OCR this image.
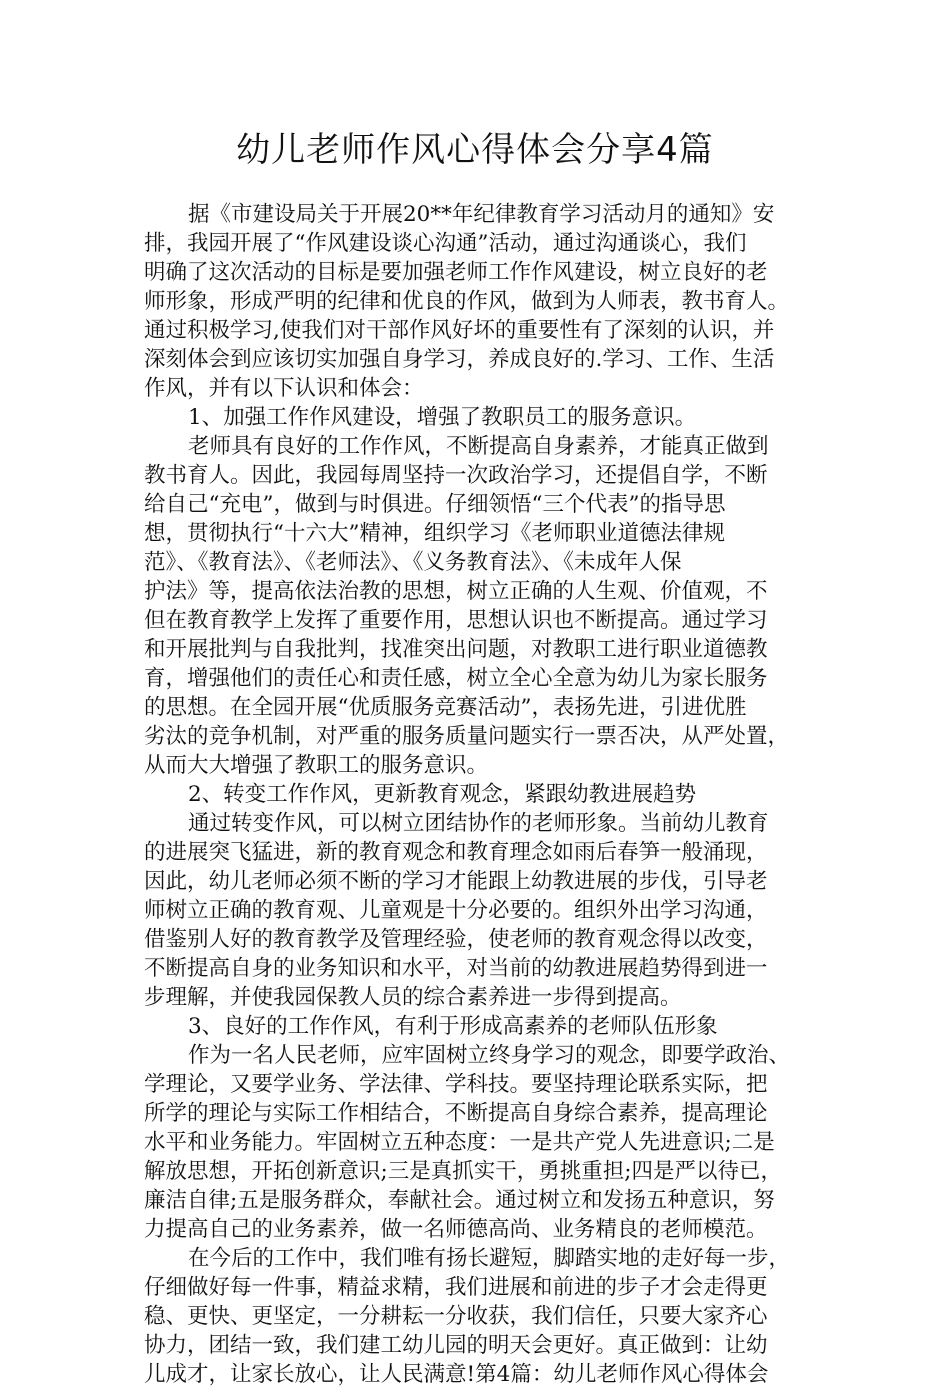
幼儿老师作风心得体会分享4篇

据《市建设局关于开展20**年纪律教育学习活动月的通知》安

排，我园开展了“作风建设谈心沟通”活动，通过沟通谈心，我们

明确了这次活动的目标是要加强老师工作作风建设，树立良好的老

师形象，形成严明的纪律和优良的作风，做到为人师表，教书育人。

通过积极学习,使我们对干部作风好坏的重要性有了深刻的认识，并

深刻体会到应该切实加强自身学习，养成良好的.学习、工作、生活

作风，并有以下认识和体会：

1、加强工作作风建设，增强了教职员工的服务意识。

老师具有良好的工作作风，不断提高自身素养，才能真正做到

教书育人。因此，我园每周坚持一次政治学习，还提倡自学，不断

给自己“充电”，做到与时俱进。仔细领悟“三个代表”的指导思

想，贯彻执行“十六大”精神，组织学习《老师职业道德法律规

范》、《教育法》、《老师法》、《义务教育法》、《未成年人保

护法》等，提高依法治教的思想，树立正确的人生观、价值观，不

但在教育教学上发挥了重要作用，思想认识也不断提高。通过学习

和开展批判与自我批判，找准突出问题，对教职工进行职业道德教

育，增强他们的责任心和责任感，树立全心全意为幼儿为家长服务

的思想。在全园开展“优质服务竞赛活动”，表扬先进，引进优胜

劣汰的竞争机制，对严重的服务质量问题实行一票否决，从严处置，

从而大大增强了教职工的服务意识。

2、转变工作作风，更新教育观念，紧跟幼教进展趋势

通过转变作风，可以树立团结协作的老师形象。当前幼儿教育

的进展突飞猛进，新的教育观念和教育理念如雨后春笋一般涌现，

因此，幼儿老师必须不断的学习才能跟上幼教进展的步伐，引导老

师树立正确的教育观、儿童观是十分必要的。组织外出学习沟通，

借鉴别人好的教育教学及管理经验，使老师的教育观念得以改变，

不断提高自身的业务知识和水平，对当前的幼教进展趋势得到进一

步理解，并使我园保教人员的综合素养进一步得到提高。

3、良好的工作作风，有利于形成高素养的老师队伍形象

作为一名人民老师，应牢固树立终身学习的观念，即要学政治、

学理论，又要学业务、学法律、学科技。要坚持理论联系实际，把

所学的理论与实际工作相结合，不断提高自身综合素养，提高理论

水平和业务能力。牢固树立五种态度：一是共产党人先进意识;二是

解放思想，开拓创新意识;三是真抓实干，勇挑重担;四是严以待已，

廉洁自律;五是服务群众，奉献社会。通过树立和发扬五种意识，努

力提高自己的业务素养，做一名师德高尚、业务精良的老师模范。

在今后的工作中，我们唯有扬长避短，脚踏实地的走好每一步，

仔细做好每一件事，精益求精，我们进展和前进的步子才会走得更

稳、更快、更坚定，一分耕耘一分收获，我们信任，只要大家齐心

协力，团结一致，我们建工幼儿园的明天会更好。真正做到：让幼

儿成才，让家长放心，让人民满意!第4篇：幼儿老师作风心得体会
